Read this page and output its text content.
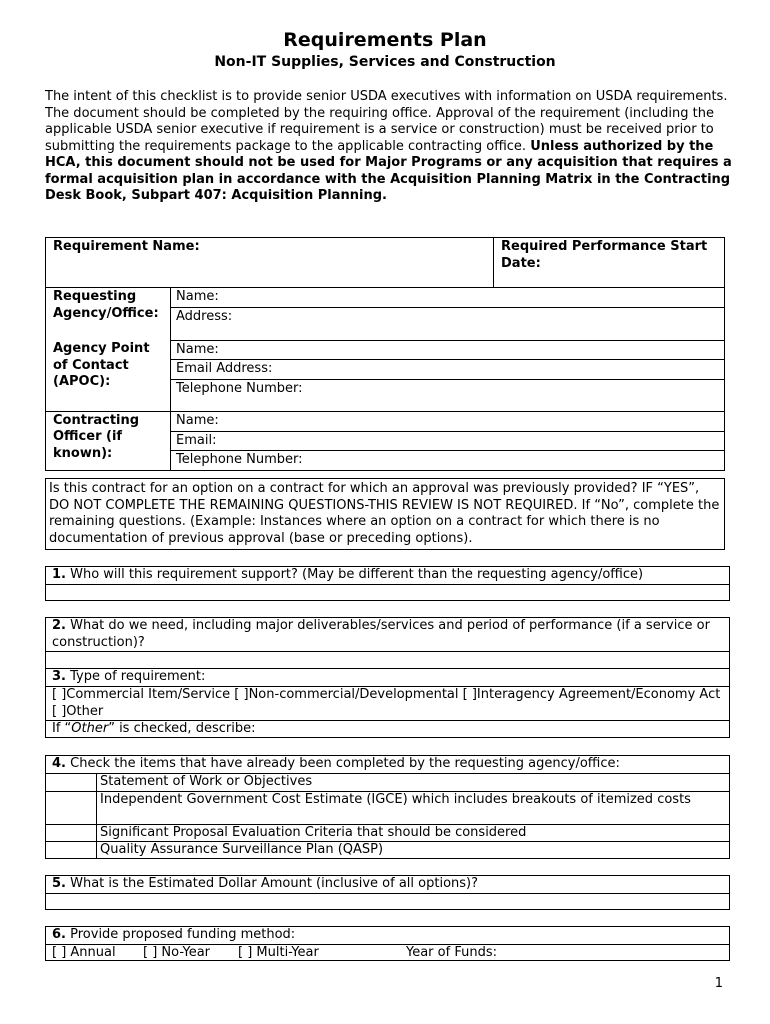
Requirements Plan
Non-IT Supplies, Services and Construction
The intent of this checklist is to provide senior USDA executives with information on USDA requirements. The document should be completed by the requiring office. Approval of the requirement (including the applicable USDA senior executive if requirement is a service or construction) must be received prior to submitting the requirements package to the applicable contracting office. Unless authorized by the HCA, this document should not be used for Major Programs or any acquisition that requires a formal acquisition plan in accordance with the Acquisition Planning Matrix in the Contracting Desk Book, Subpart 407: Acquisition Planning.
Requirement Name:		Required Performance Start Date:
Requesting Agency/Office:	Name:	
	Address:	
Agency Point of Contact (APOC):	Name:	
	Email Address:	
	Telephone Number:	
Contracting Officer (if known):	Name:	
	Email:	
	Telephone Number:	
Is this contract for an option on a contract for which an approval was previously provided? IF “YES”, DO NOT COMPLETE THE REMAINING QUESTIONS-THIS REVIEW IS NOT REQUIRED. If “No”, complete the remaining questions. (Example: Instances where an option on a contract for which there is no documentation of previous approval (base or preceding options).
1. Who will this requirement support? (May be different than the requesting agency/office)
2. What do we need, including major deliverables/services and period of performance (if a service or construction)?
3. Type of requirement:
[ ]Commercial Item/Service [ ]Non-commercial/Developmental [ ]Interagency Agreement/Economy Act [ ]Other
If “Other” is checked, describe:
4. Check the items that have already been completed by the requesting agency/office:
	Statement of Work or Objectives
	Independent Government Cost Estimate (IGCE) which includes breakouts of itemized costs
	Significant Proposal Evaluation Criteria that should be considered
	Quality Assurance Surveillance Plan (QASP)
5. What is the Estimated Dollar Amount (inclusive of all options)?
6. Provide proposed funding method:
[ ] Annual [ ] No-Year [ ] Multi-Year	Year of Funds:
1
